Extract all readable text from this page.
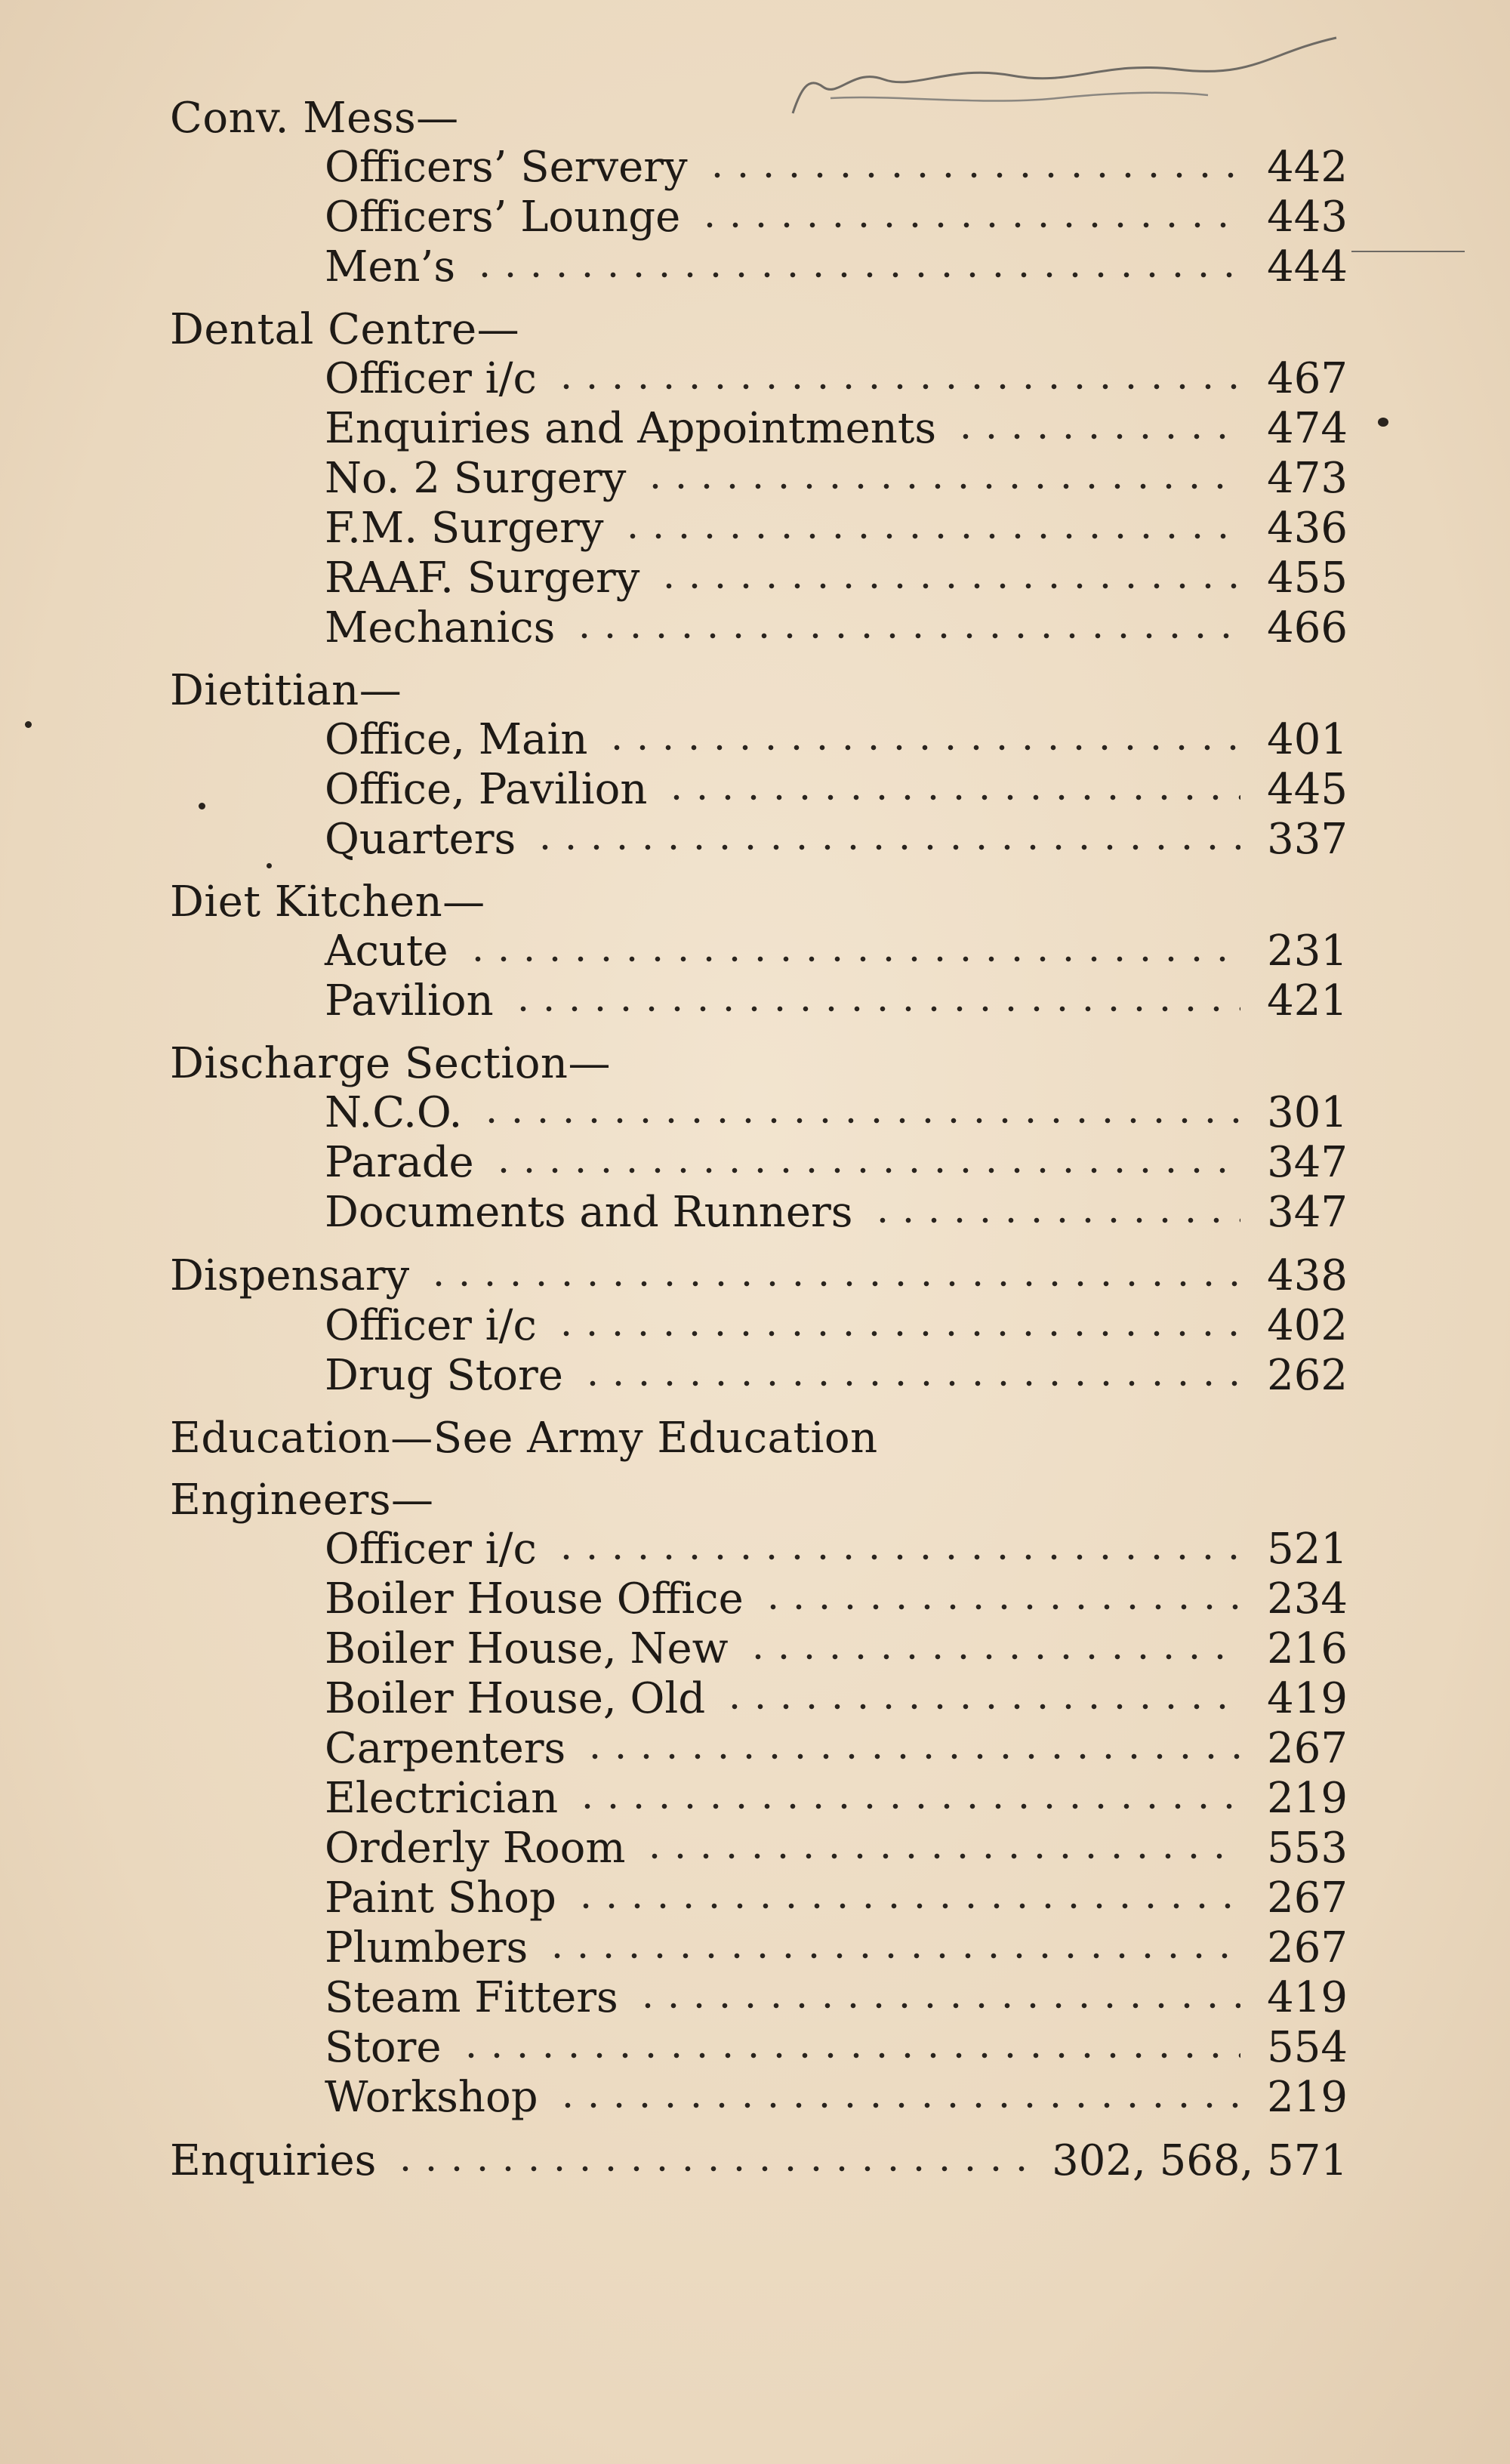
Conv. Mess—
Officers’ Servery	442
Officers’ Lounge	443
Men’s	444
Dental Centre—
Officer i/c	467
Enquiries and Appointments	474
No. 2 Surgery	473
F.M. Surgery	436
RAAF. Surgery	455
Mechanics	466
Dietitian—
Office, Main	401
Office, Pavilion	445
Quarters	337
Diet Kitchen—
Acute	231
Pavilion	421
Discharge Section—
N.C.O.	301
Parade	347
Documents and Runners	347
Dispensary	438
Officer i/c	402
Drug Store	262
Education—See Army Education
Engineers—
Officer i/c	521
Boiler House Office	234
Boiler House, New	216
Boiler House, Old	419
Carpenters	267
Electrician	219
Orderly Room	553
Paint Shop	267
Plumbers	267
Steam Fitters	419
Store	554
Workshop	219
Enquiries	302, 568, 571
